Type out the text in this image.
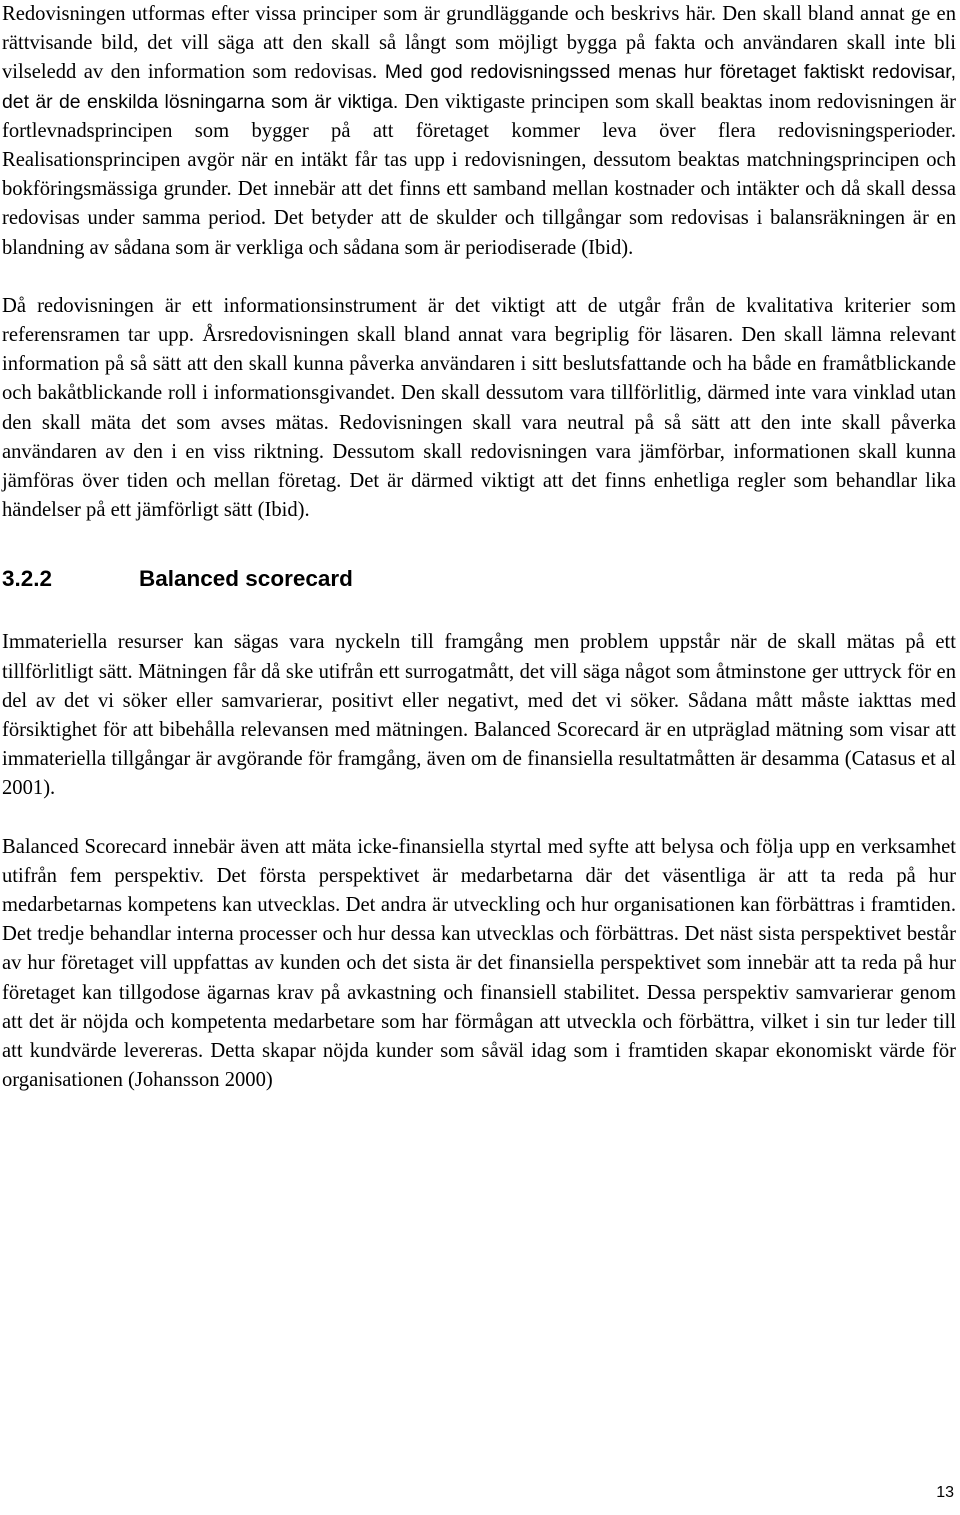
Redovisningen utformas efter vissa principer som är grundläggande och beskrivs här. Den skall bland annat ge en rättvisande bild, det vill säga att den skall så långt som möjligt bygga på fakta och användaren skall inte bli vilseledd av den information som redovisas. Med god redovisningssed menas hur företaget faktiskt redovisar, det är de enskilda lösningarna som är viktiga. Den viktigaste principen som skall beaktas inom redovisningen är fortlevnadsprincipen som bygger på att företaget kommer leva över flera redovisningsperioder. Realisationsprincipen avgör när en intäkt får tas upp i redovisningen, dessutom beaktas matchningsprincipen och bokföringsmässiga grunder. Det innebär att det finns ett samband mellan kostnader och intäkter och då skall dessa redovisas under samma period. Det betyder att de skulder och tillgångar som redovisas i balansräkningen är en blandning av sådana som är verkliga och sådana som är periodiserade (Ibid).

Då redovisningen är ett informationsinstrument är det viktigt att de utgår från de kvalitativa kriterier som referensramen tar upp. Årsredovisningen skall bland annat vara begriplig för läsaren. Den skall lämna relevant information på så sätt att den skall kunna påverka användaren i sitt beslutsfattande och ha både en framåtblickande och bakåtblickande roll i informationsgivandet. Den skall dessutom vara tillförlitlig, därmed inte vara vinklad utan den skall mäta det som avses mätas. Redovisningen skall vara neutral på så sätt att den inte skall påverka användaren av den i en viss riktning. Dessutom skall redovisningen vara jämförbar, informationen skall kunna jämföras över tiden och mellan företag. Det är därmed viktigt att det finns enhetliga regler som behandlar lika händelser på ett jämförligt sätt (Ibid).

3.2.2	Balanced scorecard

Immateriella resurser kan sägas vara nyckeln till framgång men problem uppstår när de skall mätas på ett tillförlitligt sätt. Mätningen får då ske utifrån ett surrogatmått, det vill säga något som åtminstone ger uttryck för en del av det vi söker eller samvarierar, positivt eller negativt, med det vi söker. Sådana mått måste iakttas med försiktighet för att bibehålla relevansen med mätningen. Balanced Scorecard är en utpräglad mätning som visar att immateriella tillgångar är avgörande för framgång, även om de finansiella resultatmåtten är desamma (Catasus et al 2001).

Balanced Scorecard innebär även att mäta icke-finansiella styrtal med syfte att belysa och följa upp en verksamhet utifrån fem perspektiv. Det första perspektivet är medarbetarna där det väsentliga är att ta reda på hur medarbetarnas kompetens kan utvecklas. Det andra är utveckling och hur organisationen kan förbättras i framtiden. Det tredje behandlar interna processer och hur dessa kan utvecklas och förbättras. Det näst sista perspektivet består av hur företaget vill uppfattas av kunden och det sista är det finansiella perspektivet som innebär att ta reda på hur företaget kan tillgodose ägarnas krav på avkastning och finansiell stabilitet. Dessa perspektiv samvarierar genom att det är nöjda och kompetenta medarbetare som har förmågan att utveckla och förbättra, vilket i sin tur leder till att kundvärde levereras. Detta skapar nöjda kunder som såväl idag som i framtiden skapar ekonomiskt värde för organisationen (Johansson 2000)

13
